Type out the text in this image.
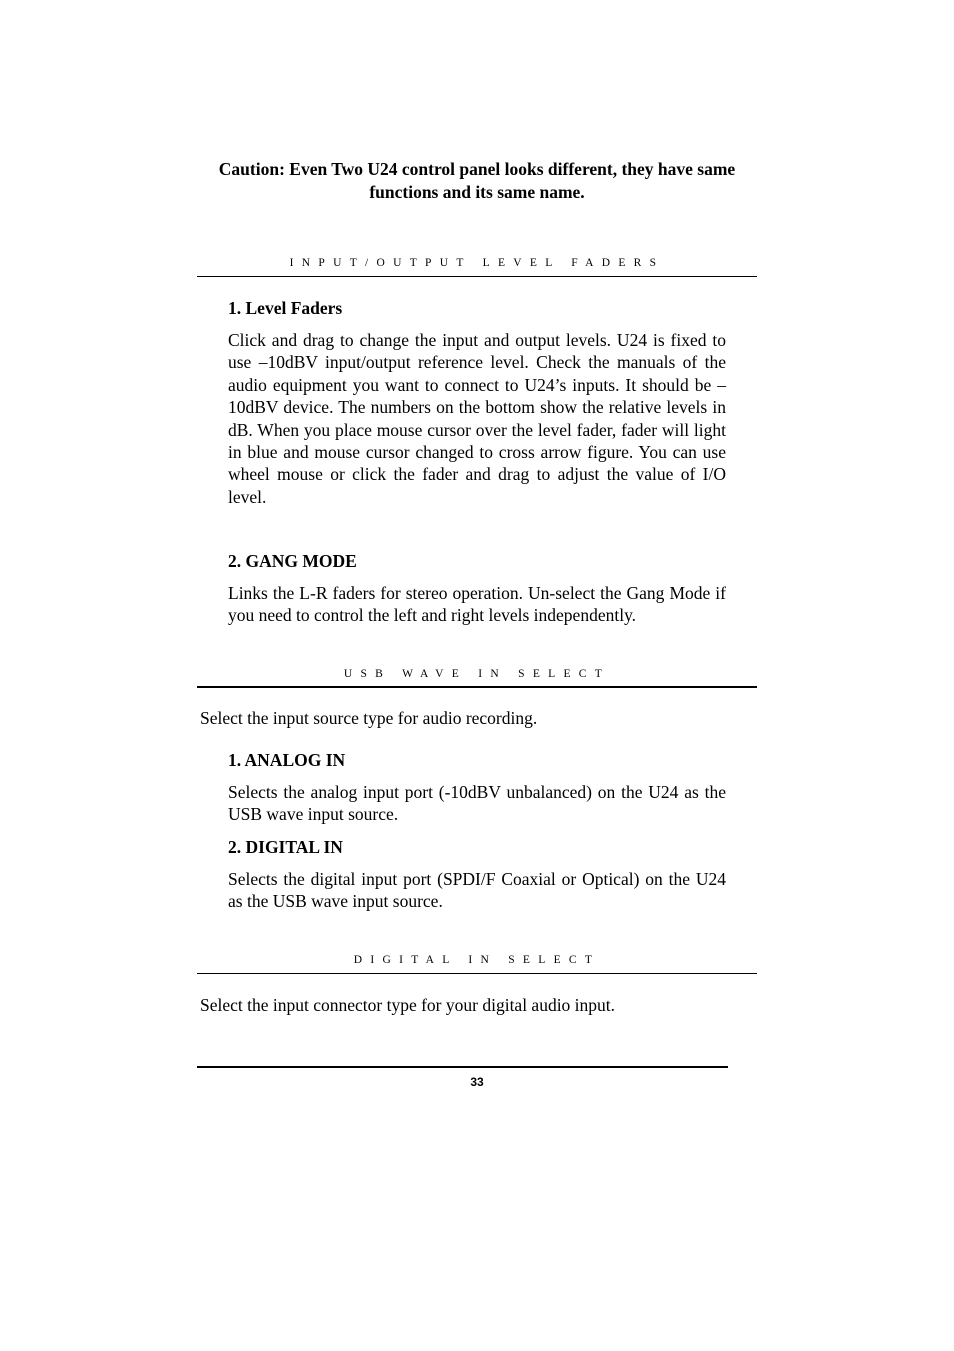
Caution: Even Two U24 control panel looks different, they have same functions and its same name.
INPUT/OUTPUT LEVEL FADERS
1. Level Faders
Click and drag to change the input and output levels. U24 is fixed to use –10dBV input/output reference level. Check the manuals of the audio equipment you want to connect to U24’s inputs. It should be –10dBV device. The numbers on the bottom show the relative levels in dB. When you place mouse cursor over the level fader, fader will light in blue and mouse cursor changed to cross arrow figure. You can use wheel mouse or click the fader and drag to adjust the value of I/O level.
2. GANG MODE
Links the L-R faders for stereo operation. Un-select the Gang Mode if you need to control the left and right levels independently.
USB WAVE IN SELECT
Select the input source type for audio recording.
1. ANALOG IN
Selects the analog input port (-10dBV unbalanced) on the U24 as the USB wave input source.
2. DIGITAL IN
Selects the digital input port (SPDI/F Coaxial or Optical) on the U24 as the USB wave input source.
DIGITAL IN SELECT
Select the input connector type for your digital audio input.
33
